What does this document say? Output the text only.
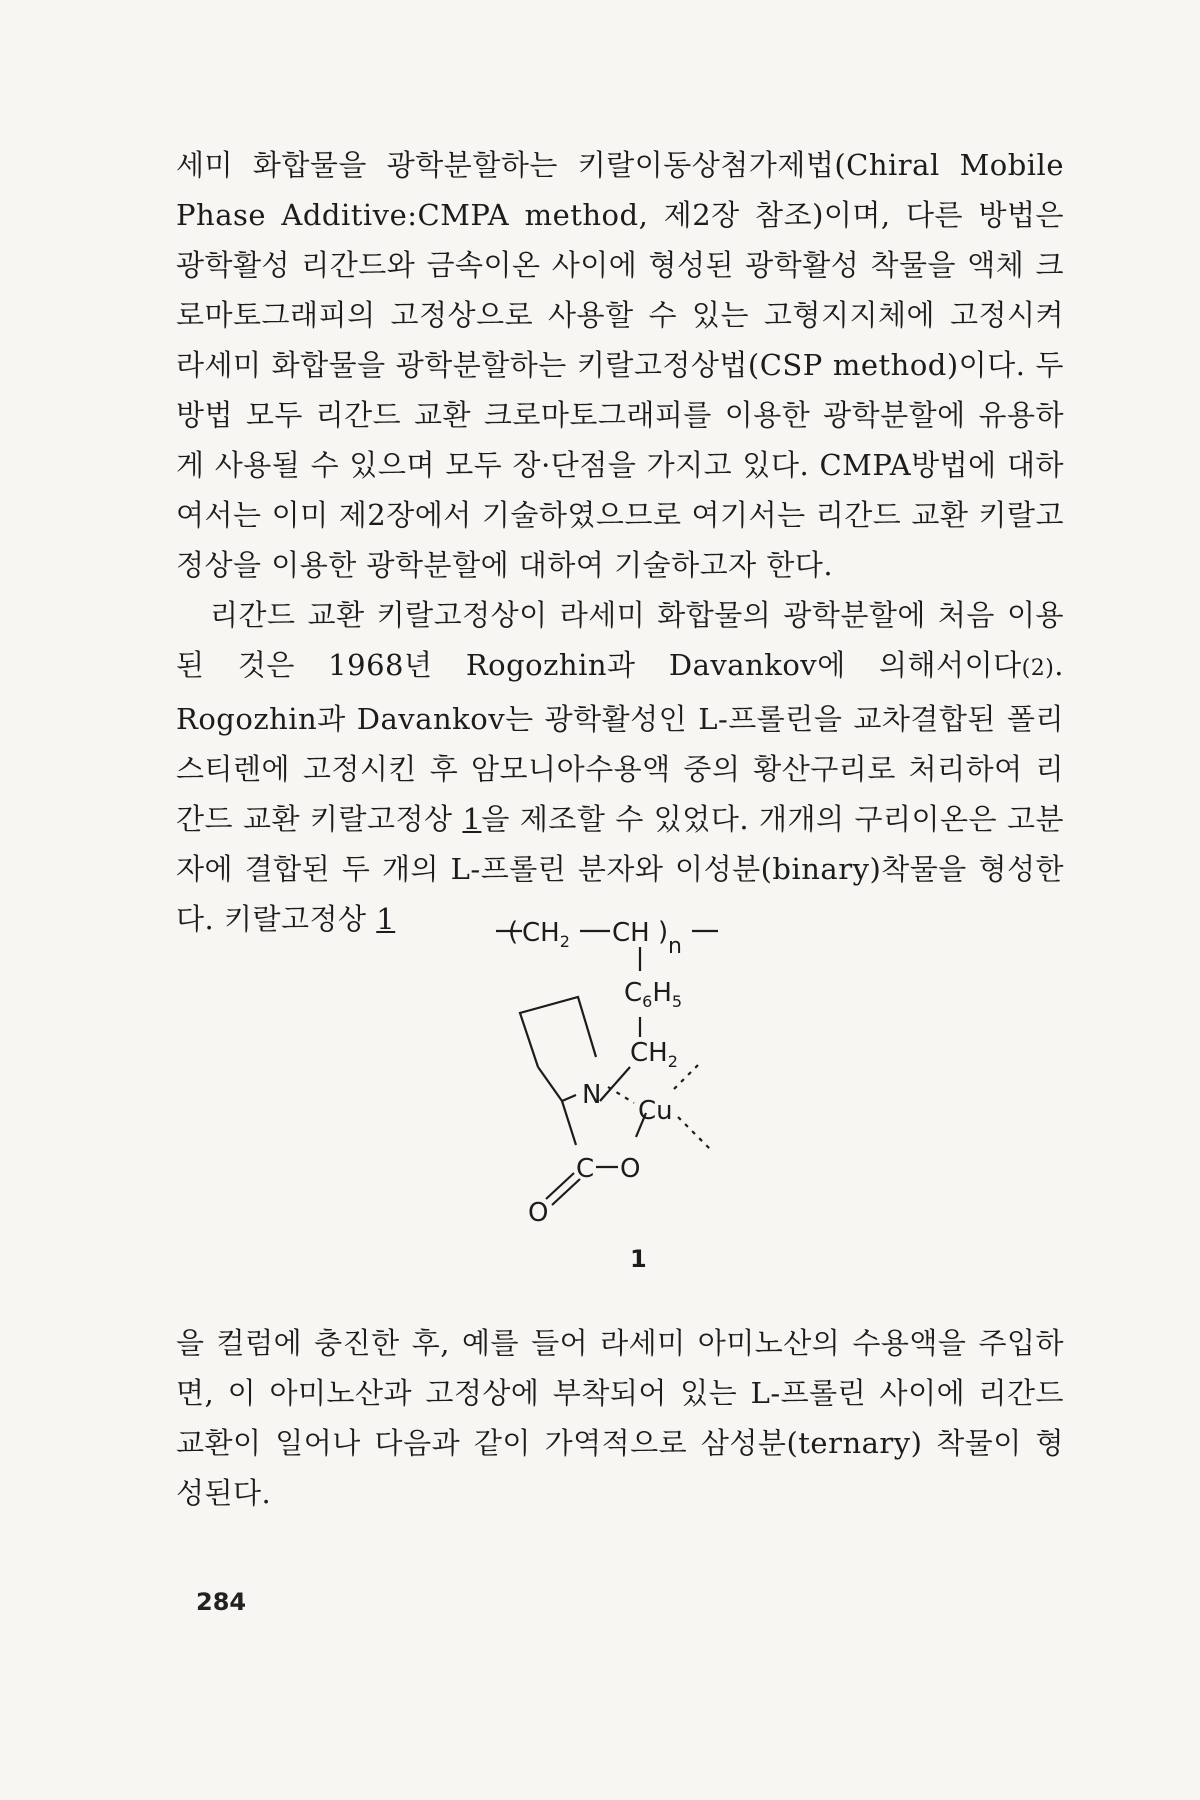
세미 화합물을 광학분할하는 키랄이동상첨가제법(Chiral Mobile Phase Additive:CMPA method, 제2장 참조)이며, 다른 방법은 광학활성 리간드와 금속이온 사이에 형성된 광학활성 착물을 액체 크로마토그래피의 고정상으로 사용할 수 있는 고형지지체에 고정시켜 라세미 화합물을 광학분할하는 키랄고정상법(CSP method)이다. 두 방법 모두 리간드 교환 크로마토그래피를 이용한 광학분할에 유용하게 사용될 수 있으며 모두 장·단점을 가지고 있다. CMPA방법에 대하여서는 이미 제2장에서 기술하였으므로 여기서는 리간드 교환 키랄고정상을 이용한 광학분할에 대하여 기술하고자 한다.

리간드 교환 키랄고정상이 라세미 화합물의 광학분할에 처음 이용된 것은 1968년 Rogozhin과 Davankov에 의해서이다(2). Rogozhin과 Davankov는 광학활성인 L-프롤린을 교차결합된 폴리스티렌에 고정시킨 후 암모니아수용액 중의 황산구리로 처리하여 리간드 교환 키랄고정상 1을 제조할 수 있었다. 개개의 구리이온은 고분자에 결합된 두 개의 L-프롤린 분자와 이성분(binary)착물을 형성한다. 키랄고정상 1	( $CH_2$ CH ) n
$C_6H_5$
$CH_2$
N
Cu
C O
O
1

을 컬럼에 충진한 후, 예를 들어 라세미 아미노산의 수용액을 주입하면, 이 아미노산과 고정상에 부착되어 있는 L-프롤린 사이에 리간드 교환이 일어나 다음과 같이 가역적으로 삼성분(ternary) 착물이 형성된다.

284
